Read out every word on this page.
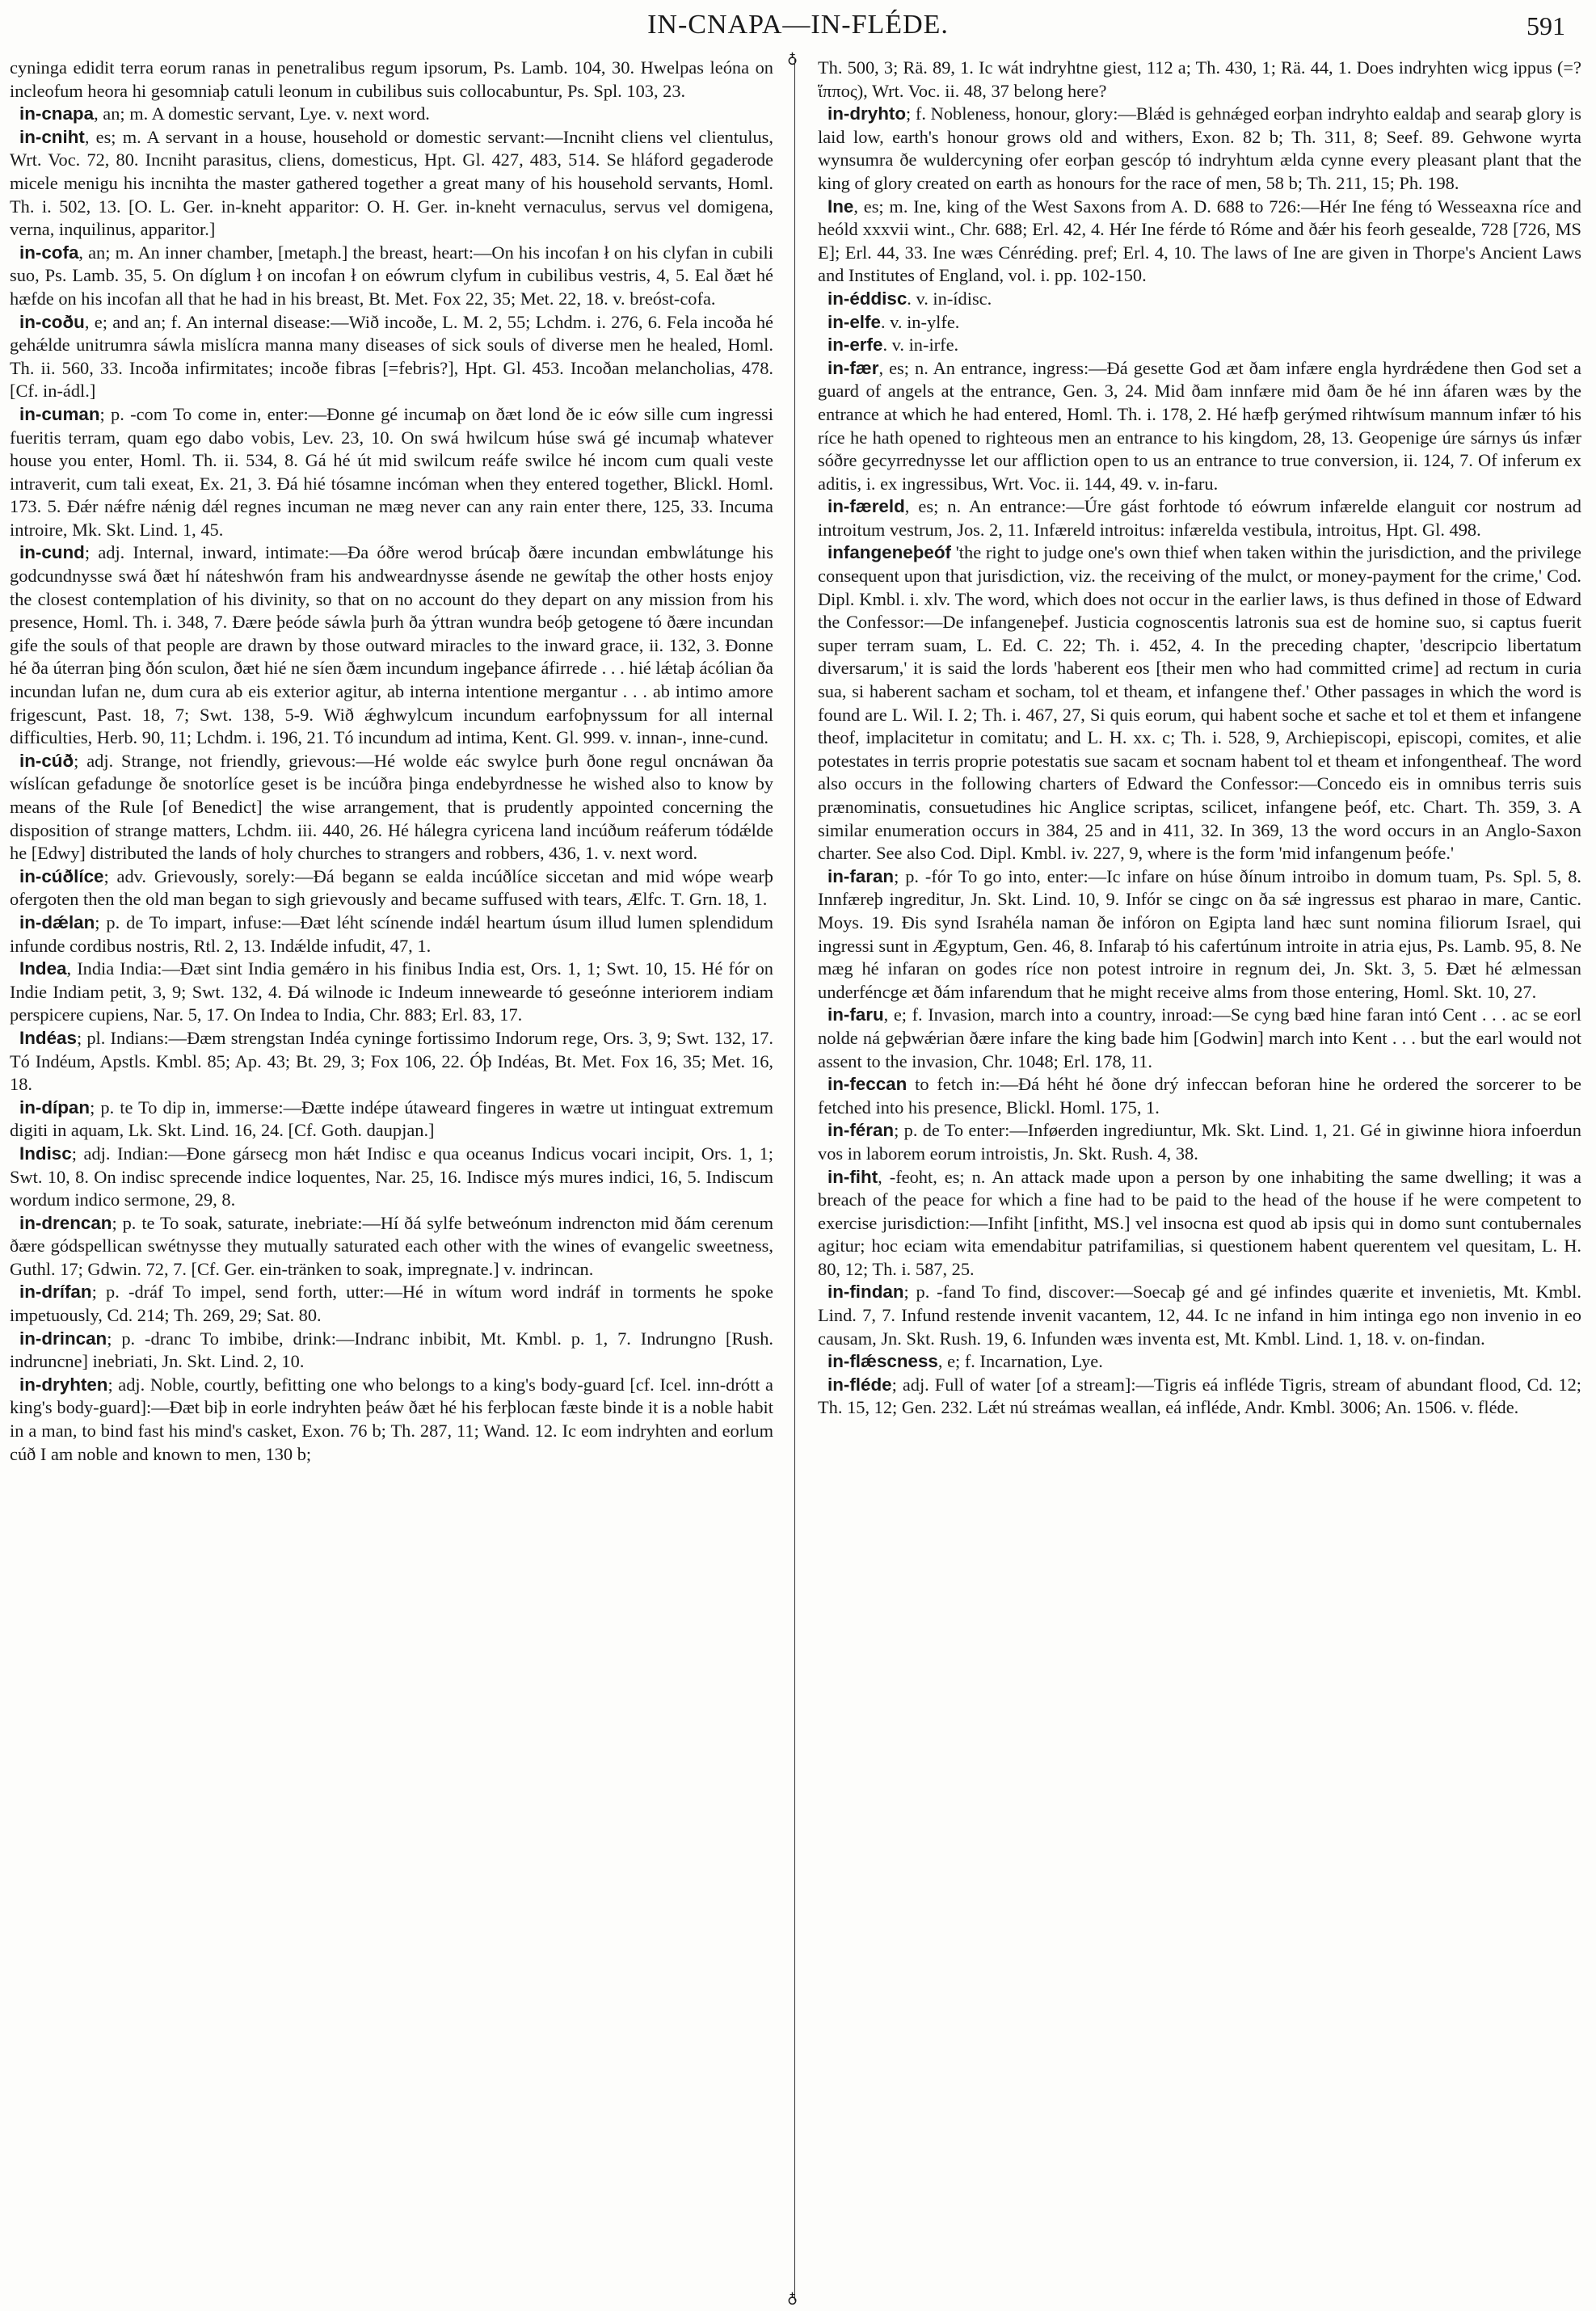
IN-CNAPA—IN-FLÉDE.	591
♁
♁

cyninga edidit terra eorum ranas in penetralibus regum ipsorum, Ps. Lamb. 104, 30. Hwelpas leóna on incleofum heora hi gesomniaþ catuli leonum in cubilibus suis collocabuntur, Ps. Spl. 103, 23.

in-cnapa, an; m. A domestic servant, Lye. v. next word.

in-cniht, es; m. A servant in a house, household or domestic servant:—Incniht cliens vel clientulus, Wrt. Voc. 72, 80. Incniht parasitus, cliens, domesticus, Hpt. Gl. 427, 483, 514. Se hláford gegaderode micele menigu his incnihta the master gathered together a great many of his household servants, Homl. Th. i. 502, 13. [O. L. Ger. in-kneht apparitor: O. H. Ger. in-kneht vernaculus, servus vel domigena, verna, inquilinus, apparitor.]

in-cofa, an; m. An inner chamber, [metaph.] the breast, heart:—On his incofan ł on his clyfan in cubili suo, Ps. Lamb. 35, 5. On díglum ł on incofan ł on eówrum clyfum in cubilibus vestris, 4, 5. Eal ðæt hé hæfde on his incofan all that he had in his breast, Bt. Met. Fox 22, 35; Met. 22, 18. v. breóst-cofa.

in-coðu, e; and an; f. An internal disease:—Wið incoðe, L. M. 2, 55; Lchdm. i. 276, 6. Fela incoða hé gehǽlde unitrumra sáwla mislícra manna many diseases of sick souls of diverse men he healed, Homl. Th. ii. 560, 33. Incoða infirmitates; incoðe fibras [=febris?], Hpt. Gl. 453. Incoðan melancholias, 478. [Cf. in-ádl.]

in-cuman; p. -com To come in, enter:—Ðonne gé incumaþ on ðæt lond ðe ic eów sille cum ingressi fueritis terram, quam ego dabo vobis, Lev. 23, 10. On swá hwilcum húse swá gé incumaþ whatever house you enter, Homl. Th. ii. 534, 8. Gá hé út mid swilcum reáfe swilce hé incom cum quali veste intraverit, cum tali exeat, Ex. 21, 3. Ðá hié tósamne incóman when they entered together, Blickl. Homl. 173. 5. Ðǽr nǽfre nǽnig dǽl regnes incuman ne mæg never can any rain enter there, 125, 33. Incuma introire, Mk. Skt. Lind. 1, 45.

in-cund; adj. Internal, inward, intimate:—Ða óðre werod brúcaþ ðære incundan embwlátunge his godcundnysse swá ðæt hí náteshwón fram his andweardnysse ásende ne gewítaþ the other hosts enjoy the closest contemplation of his divinity, so that on no account do they depart on any mission from his presence, Homl. Th. i. 348, 7. Ðære þeóde sáwla þurh ða ýttran wundra beóþ getogene tó ðære incundan gife the souls of that people are drawn by those outward miracles to the inward grace, ii. 132, 3. Ðonne hé ða úterran þing ðón sculon, ðæt hié ne síen ðæm incundum ingeþance áfirrede . . . hié lǽtaþ ácólian ða incundan lufan ne, dum cura ab eis exterior agitur, ab interna intentione mergantur . . . ab intimo amore frigescunt, Past. 18, 7; Swt. 138, 5-9. Wið ǽghwylcum incundum earfoþnyssum for all internal difficulties, Herb. 90, 11; Lchdm. i. 196, 21. Tó incundum ad intima, Kent. Gl. 999. v. innan-, inne-cund.

in-cúð; adj. Strange, not friendly, grievous:—Hé wolde eác swylce þurh ðone regul oncnáwan ða wíslícan gefadunge ðe snotorlíce geset is be incúðra þinga endebyrdnesse he wished also to know by means of the Rule [of Benedict] the wise arrangement, that is prudently appointed concerning the disposition of strange matters, Lchdm. iii. 440, 26. Hé hálegra cyricena land incúðum reáferum tódǽlde he [Edwy] distributed the lands of holy churches to strangers and robbers, 436, 1. v. next word.

in-cúðlíce; adv. Grievously, sorely:—Ðá begann se ealda incúðlíce siccetan and mid wópe wearþ ofergoten then the old man began to sigh grievously and became suffused with tears, Ælfc. T. Grn. 18, 1.

in-dǽlan; p. de To impart, infuse:—Ðæt léht scínende indǽl heartum úsum illud lumen splendidum infunde cordibus nostris, Rtl. 2, 13. Indǽlde infudit, 47, 1.

Indea, India India:—Ðæt sint India gemǽro in his finibus India est, Ors. 1, 1; Swt. 10, 15. Hé fór on Indie Indiam petit, 3, 9; Swt. 132, 4. Ðá wilnode ic Indeum innewearde tó geseónne interiorem indiam perspicere cupiens, Nar. 5, 17. On Indea to India, Chr. 883; Erl. 83, 17.

Indéas; pl. Indians:—Ðæm strengstan Indéa cyninge fortissimo Indorum rege, Ors. 3, 9; Swt. 132, 17. Tó Indéum, Apstls. Kmbl. 85; Ap. 43; Bt. 29, 3; Fox 106, 22. Óþ Indéas, Bt. Met. Fox 16, 35; Met. 16, 18.

in-dípan; p. te To dip in, immerse:—Ðætte indépe útaweard fingeres in wætre ut intinguat extremum digiti in aquam, Lk. Skt. Lind. 16, 24. [Cf. Goth. daupjan.]

Indisc; adj. Indian:—Ðone gársecg mon hǽt Indisc e qua oceanus Indicus vocari incipit, Ors. 1, 1; Swt. 10, 8. On indisc sprecende indice loquentes, Nar. 25, 16. Indisce mýs mures indici, 16, 5. Indiscum wordum indico sermone, 29, 8.

in-drencan; p. te To soak, saturate, inebriate:—Hí ðá sylfe betweónum indrencton mid ðám cerenum ðære gódspellican swétnysse they mutually saturated each other with the wines of evangelic sweetness, Guthl. 17; Gdwin. 72, 7. [Cf. Ger. ein-tränken to soak, impregnate.] v. indrincan.

in-drífan; p. -dráf To impel, send forth, utter:—Hé in wítum word indráf in torments he spoke impetuously, Cd. 214; Th. 269, 29; Sat. 80.

in-drincan; p. -dranc To imbibe, drink:—Indranc inbibit, Mt. Kmbl. p. 1, 7. Indrungno [Rush. indruncne] inebriati, Jn. Skt. Lind. 2, 10.

in-dryhten; adj. Noble, courtly, befitting one who belongs to a king's body-guard [cf. Icel. inn-drótt a king's body-guard]:—Ðæt biþ in eorle indryhten þeáw ðæt hé his ferþlocan fæste binde it is a noble habit in a man, to bind fast his mind's casket, Exon. 76 b; Th. 287, 11; Wand. 12. Ic eom indryhten and eorlum cúð I am noble and known to men, 130 b;

Th. 500, 3; Rä. 89, 1. Ic wát indryhtne giest, 112 a; Th. 430, 1; Rä. 44, 1. Does indryhten wicg ippus (=? ἵππος), Wrt. Voc. ii. 48, 37 belong here?

in-dryhto; f. Nobleness, honour, glory:—Blǽd is gehnǽged eorþan indryhto ealdaþ and searaþ glory is laid low, earth's honour grows old and withers, Exon. 82 b; Th. 311, 8; Seef. 89. Gehwone wyrta wynsumra ðe wuldercyning ofer eorþan gescóp tó indryhtum ælda cynne every pleasant plant that the king of glory created on earth as honours for the race of men, 58 b; Th. 211, 15; Ph. 198.

Ine, es; m. Ine, king of the West Saxons from A. D. 688 to 726:—Hér Ine féng tó Wesseaxna ríce and heóld xxxvii wint., Chr. 688; Erl. 42, 4. Hér Ine férde tó Róme and ðǽr his feorh gesealde, 728 [726, MS E]; Erl. 44, 33. Ine wæs Cénréding. pref; Erl. 4, 10. The laws of Ine are given in Thorpe's Ancient Laws and Institutes of England, vol. i. pp. 102-150.

in-éddisc. v. in-ídisc.

in-elfe. v. in-ylfe.

in-erfe. v. in-irfe.

in-fær, es; n. An entrance, ingress:—Ðá gesette God æt ðam infære engla hyrdrǽdene then God set a guard of angels at the entrance, Gen. 3, 24. Mid ðam innfære mid ðam ðe hé inn áfaren wæs by the entrance at which he had entered, Homl. Th. i. 178, 2. Hé hæfþ gerýmed rihtwísum mannum infær tó his ríce he hath opened to righteous men an entrance to his kingdom, 28, 13. Geopenige úre sárnys ús infær sóðre gecyrrednysse let our affliction open to us an entrance to true conversion, ii. 124, 7. Of inferum ex aditis, i. ex ingressibus, Wrt. Voc. ii. 144, 49. v. in-faru.

in-færeld, es; n. An entrance:—Úre gást forhtode tó eówrum infærelde elanguit cor nostrum ad introitum vestrum, Jos. 2, 11. Infæreld introitus: infærelda vestibula, introitus, Hpt. Gl. 498.

infangeneþeóf 'the right to judge one's own thief when taken within the jurisdiction, and the privilege consequent upon that jurisdiction, viz. the receiving of the mulct, or money-payment for the crime,' Cod. Dipl. Kmbl. i. xlv. The word, which does not occur in the earlier laws, is thus defined in those of Edward the Confessor:—De infangeneþef. Justicia cognoscentis latronis sua est de homine suo, si captus fuerit super terram suam, L. Ed. C. 22; Th. i. 452, 4. In the preceding chapter, 'descripcio libertatum diversarum,' it is said the lords 'haberent eos [their men who had committed crime] ad rectum in curia sua, si haberent sacham et socham, tol et theam, et infangene thef.' Other passages in which the word is found are L. Wil. I. 2; Th. i. 467, 27, Si quis eorum, qui habent soche et sache et tol et them et infangene theof, implacitetur in comitatu; and L. H. xx. c; Th. i. 528, 9, Archiepiscopi, episcopi, comites, et alie potestates in terris proprie potestatis sue sacam et socnam habent tol et theam et infongentheaf. The word also occurs in the following charters of Edward the Confessor:—Concedo eis in omnibus terris suis prænominatis, consuetudines hic Anglice scriptas, scilicet, infangene þeóf, etc. Chart. Th. 359, 3. A similar enumeration occurs in 384, 25 and in 411, 32. In 369, 13 the word occurs in an Anglo-Saxon charter. See also Cod. Dipl. Kmbl. iv. 227, 9, where is the form 'mid infangenum þeófe.'

in-faran; p. -fór To go into, enter:—Ic infare on húse ðínum introibo in domum tuam, Ps. Spl. 5, 8. Innfæreþ ingreditur, Jn. Skt. Lind. 10, 9. Infór se cingc on ða sǽ ingressus est pharao in mare, Cantic. Moys. 19. Ðis synd Israhéla naman ðe infóron on Egipta land hæc sunt nomina filiorum Israel, qui ingressi sunt in Ægyptum, Gen. 46, 8. Infaraþ tó his cafertúnum introite in atria ejus, Ps. Lamb. 95, 8. Ne mæg hé infaran on godes ríce non potest introire in regnum dei, Jn. Skt. 3, 5. Ðæt hé ælmessan underféncge æt ðám infarendum that he might receive alms from those entering, Homl. Skt. 10, 27.

in-faru, e; f. Invasion, march into a country, inroad:—Se cyng bæd hine faran intó Cent . . . ac se eorl nolde ná geþwǽrian ðære infare the king bade him [Godwin] march into Kent . . . but the earl would not assent to the invasion, Chr. 1048; Erl. 178, 11.

in-feccan to fetch in:—Ðá héht hé ðone drý infeccan beforan hine he ordered the sorcerer to be fetched into his presence, Blickl. Homl. 175, 1.

in-féran; p. de To enter:—Inføerden ingrediuntur, Mk. Skt. Lind. 1, 21. Gé in giwinne hiora infoerdun vos in laborem eorum introistis, Jn. Skt. Rush. 4, 38.

in-fiht, -feoht, es; n. An attack made upon a person by one inhabiting the same dwelling; it was a breach of the peace for which a fine had to be paid to the head of the house if he were competent to exercise jurisdiction:—Infiht [infitht, MS.] vel insocna est quod ab ipsis qui in domo sunt contubernales agitur; hoc eciam wita emendabitur patrifamilias, si questionem habent querentem vel quesitam, L. H. 80, 12; Th. i. 587, 25.

in-findan; p. -fand To find, discover:—Soecaþ gé and gé infindes quærite et invenietis, Mt. Kmbl. Lind. 7, 7. Infund restende invenit vacantem, 12, 44. Ic ne infand in him intinga ego non invenio in eo causam, Jn. Skt. Rush. 19, 6. Infunden wæs inventa est, Mt. Kmbl. Lind. 1, 18. v. on-findan.

in-flǽscness, e; f. Incarnation, Lye.

in-fléde; adj. Full of water [of a stream]:—Tigris eá infléde Tigris, stream of abundant flood, Cd. 12; Th. 15, 12; Gen. 232. Lǽt nú streámas weallan, eá infléde, Andr. Kmbl. 3006; An. 1506. v. fléde.
